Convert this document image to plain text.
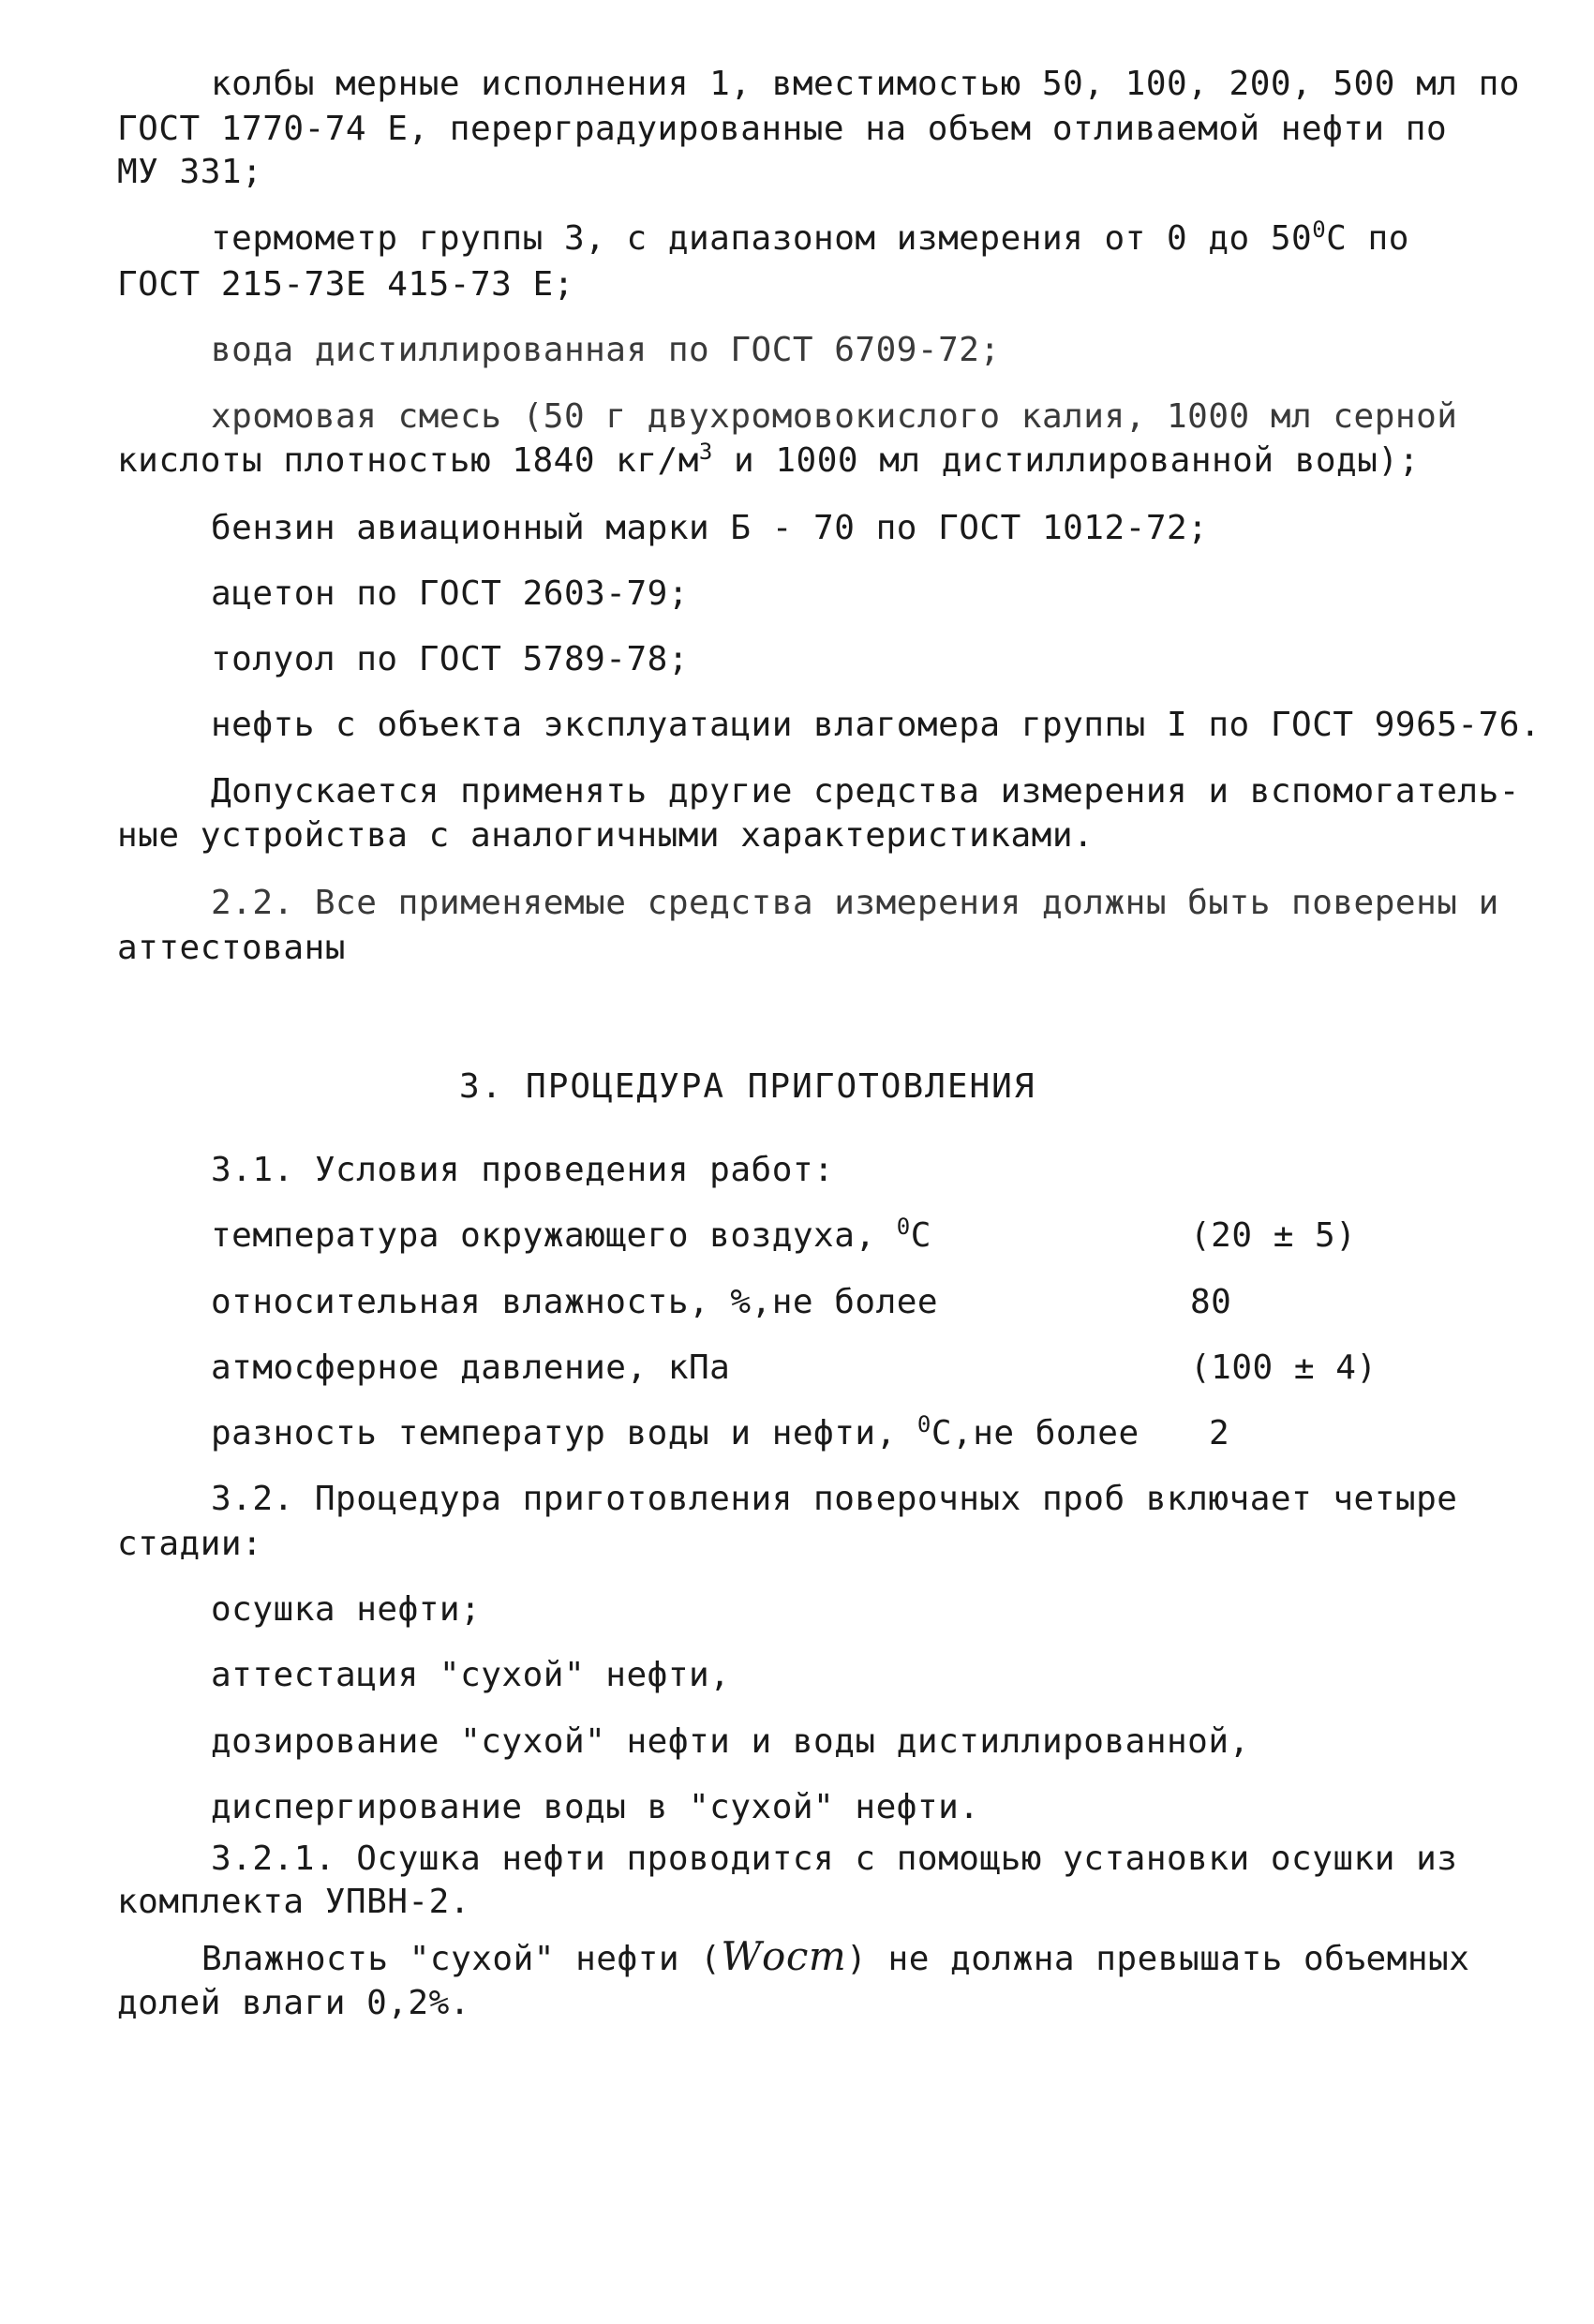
колбы мерные исполнения 1, вместимостью 50, 100, 200, 500 мл по
ГОСТ 1770-74 Е, перерградуированные на объем отливаемой нефти по
МУ 331;
термометр группы 3, с диапазоном измерения от 0 до $50^0С$ по
ГОСТ 215-73Е 415-73 Е;
вода дистиллированная по ГОСТ 6709-72;
хромовая смесь (50 г двухромовокислого калия, 1000 мл серной
кислоты плотностью 1840 $кг/м^3$ и 1000 мл дистиллированной воды);
бензин авиационный марки Б - 70 по ГОСТ 1012-72;
ацетон по ГОСТ 2603-79;
толуол по ГОСТ 5789-78;
нефть с объекта эксплуатации влагомера группы I по ГОСТ 9965-76.
Допускается применять другие средства измерения и вспомогатель-
ные устройства с аналогичными характеристиками.
2.2. Все применяемые средства измерения должны быть поверены и
аттестованы
3. ПРОЦЕДУРА ПРИГОТОВЛЕНИЯ
3.1. Условия проведения работ:
температура окружающего воздуха, $^0$С	(20 ± 5)
относительная влажность, %,не более	80
атмосферное давление, кПа	(100 ± 4)
разность температур воды и нефти, $^0$С,не более 2
3.2. Процедура приготовления поверочных проб включает четыре
стадии:
осушка нефти;
аттестация "сухой" нефти,
дозирование "сухой" нефти и воды дистиллированной,
диспергирование воды в "сухой" нефти.
3.2.1. Осушка нефти проводится с помощью установки осушки из
комплекта УПВН-2.
Влажность "сухой" нефти (Wост) не должна превышать объемных
долей влаги 0,2%.
